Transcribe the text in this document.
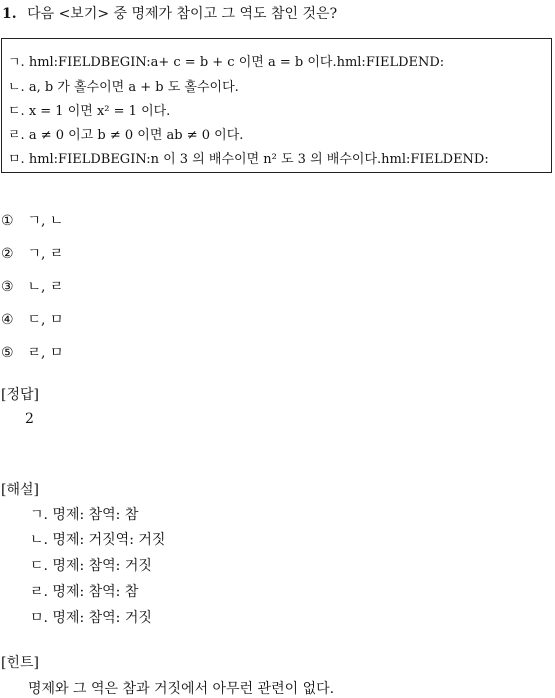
1. 다음 <보기> 중 명제가 참이고 그 역도 참인 것은?
ㄱ. hml:FIELDBEGIN:a+ c = b + c 이면 a = b 이다.hml:FIELDEND:
ㄴ. a, b 가 홀수이면 a + b 도 홀수이다.
ㄷ. x = 1 이면 x² = 1 이다.
ㄹ. a ≠ 0 이고 b ≠ 0 이면 ab ≠ 0 이다.
ㅁ. hml:FIELDBEGIN:n 이 3 의 배수이면 n² 도 3 의 배수이다.hml:FIELDEND:
① ㄱ, ㄴ
② ㄱ, ㄹ
③ ㄴ, ㄹ
④ ㄷ, ㅁ
⑤ ㄹ, ㅁ
[정답]
2
[해설]
ㄱ. 명제: 참역: 참
ㄴ. 명제: 거짓역: 거짓
ㄷ. 명제: 참역: 거짓
ㄹ. 명제: 참역: 참
ㅁ. 명제: 참역: 거짓
[힌트]
명제와 그 역은 참과 거짓에서 아무런 관련이 없다.
